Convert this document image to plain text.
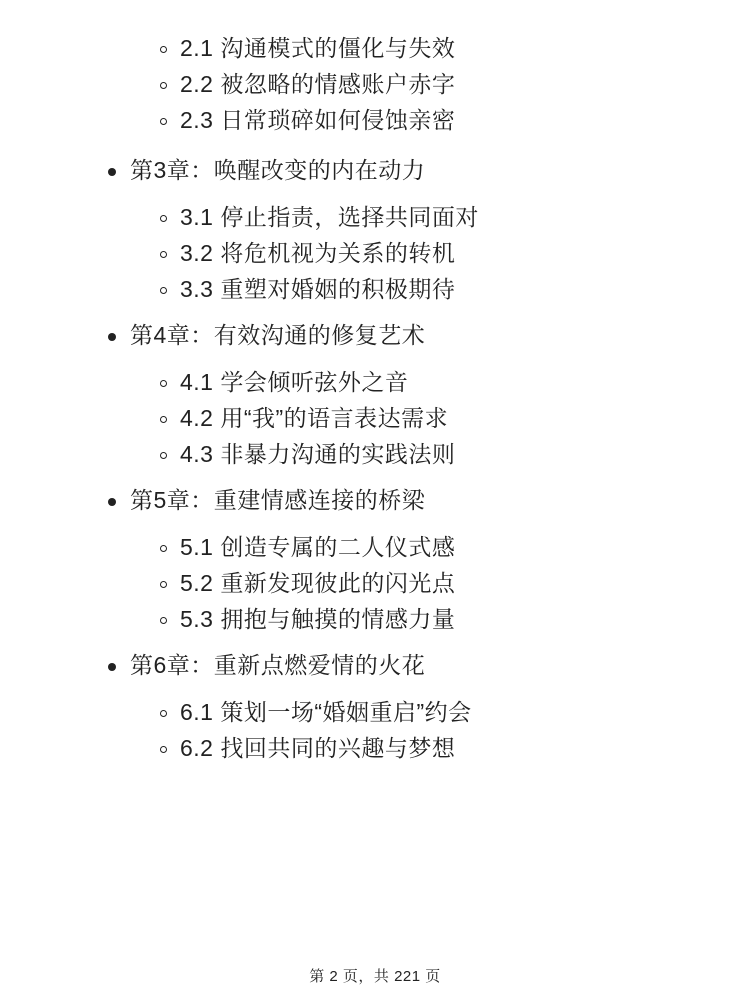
2.1 沟通模式的僵化与失效
2.2 被忽略的情感账户赤字
2.3 日常琐碎如何侵蚀亲密
第3章：唤醒改变的内在动力
3.1 停止指责，选择共同面对
3.2 将危机视为关系的转机
3.3 重塑对婚姻的积极期待
第4章：有效沟通的修复艺术
4.1 学会倾听弦外之音
4.2 用“我”的语言表达需求
4.3 非暴力沟通的实践法则
第5章：重建情感连接的桥梁
5.1 创造专属的二人仪式感
5.2 重新发现彼此的闪光点
5.3 拥抱与触摸的情感力量
第6章：重新点燃爱情的火花
6.1 策划一场“婚姻重启”约会
6.2 找回共同的兴趣与梦想
第 2 页，共 221 页
